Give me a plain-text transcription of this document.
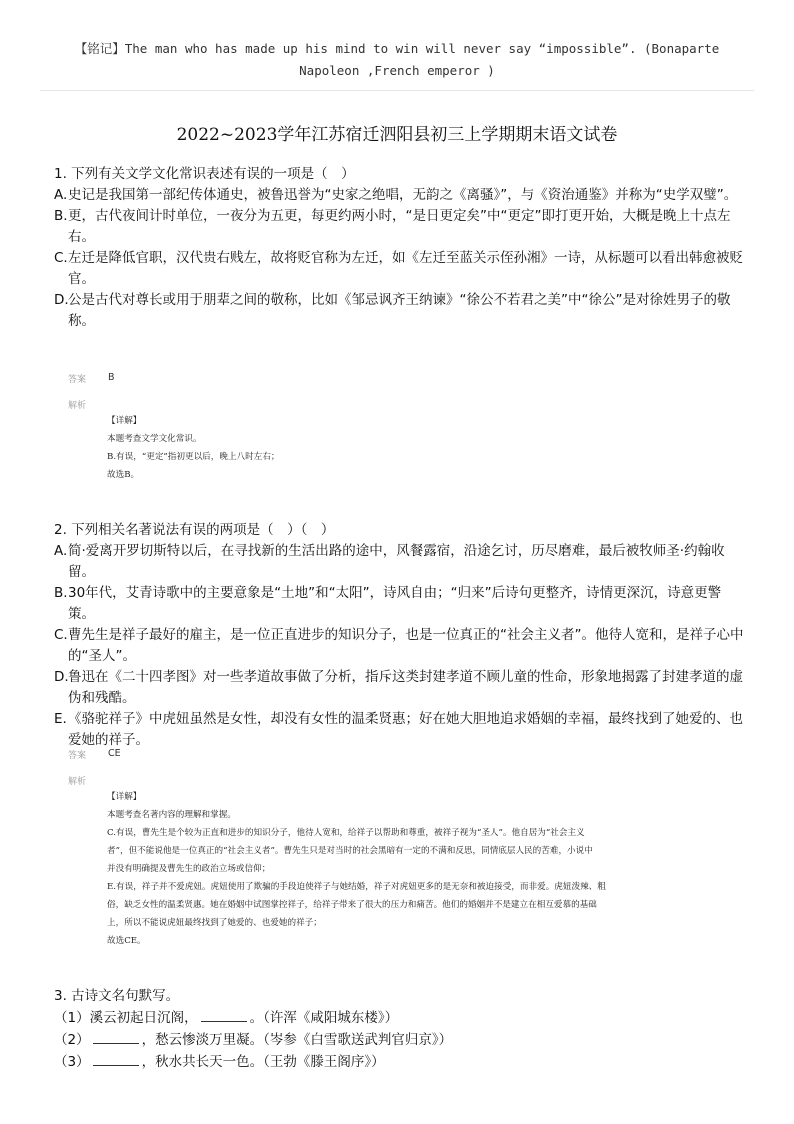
【铭记】The man who has made up his mind to win will never say “impossible”. (Bonaparte
Napoleon ,French emperor )
2022~2023学年江苏宿迁泗阳县初三上学期期末语文试卷

1. 下列有关文学文化常识表述有误的一项是（　）

A. 史记是我国第一部纪传体通史，被鲁迅誉为“史家之绝唱，无韵之《离骚》”，与《资治通鉴》并称为“史学双璧”。
B. 更，古代夜间计时单位，一夜分为五更，每更约两小时，“是日更定矣”中“更定”即打更开始，大概是晚上十点左右。
C. 左迁是降低官职，汉代贵右贱左，故将贬官称为左迁，如《左迁至蓝关示侄孙湘》一诗，从标题可以看出韩愈被贬官。
D. 公是古代对尊长或用于朋辈之间的敬称，比如《邹忌讽齐王纳谏》“徐公不若君之美”中“徐公”是对徐姓男子的敬称。
答案 B
解析

【详解】

本题考查文学文化常识。

B.有误，“更定”指初更以后，晚上八时左右；

故选B。

2. 下列相关名著说法有误的两项是（　）（　）

A. 简·爱离开罗切斯特以后，在寻找新的生活出路的途中，风餐露宿，沿途乞讨，历尽磨难，最后被牧师圣·约翰收留。
B. 30年代，艾青诗歌中的主要意象是“土地”和“太阳”，诗风自由；“归来”后诗句更整齐，诗情更深沉，诗意更警策。
C. 曹先生是祥子最好的雇主，是一位正直进步的知识分子，也是一位真正的“社会主义者”。他待人宽和，是祥子心中的“圣人”。
D. 鲁迅在《二十四孝图》对一些孝道故事做了分析，指斥这类封建孝道不顾儿童的性命，形象地揭露了封建孝道的虚伪和残酷。
E. 《骆驼祥子》中虎妞虽然是女性，却没有女性的温柔贤惠；好在她大胆地追求婚姻的幸福，最终找到了她爱的、也爱她的祥子。
答案 CE
解析

【详解】

本题考查名著内容的理解和掌握。

C.有误，曹先生是个较为正直和进步的知识分子，他待人宽和，给祥子以帮助和尊重，被祥子视为“圣人”。他自居为“社会主义

者”，但不能说他是一位真正的“社会主义者”。曹先生只是对当时的社会黑暗有一定的不满和反思，同情底层人民的苦难，小说中

并没有明确提及曹先生的政治立场或信仰；

E.有误，祥子并不爱虎妞。虎妞使用了欺骗的手段迫使祥子与她结婚，祥子对虎妞更多的是无奈和被迫接受，而非爱。虎妞泼辣、粗

俗，缺乏女性的温柔贤惠。她在婚姻中试图掌控祥子，给祥子带来了很大的压力和痛苦。他们的婚姻并不是建立在相互爱慕的基础

上，所以不能说虎妞最终找到了她爱的、也爱她的祥子；

故选CE。

3. 古诗文名句默写。

（1）溪云初起日沉阁，	。（许浑《咸阳城东楼》）

（2）	，愁云惨淡万里凝。（岑参《白雪歌送武判官归京》）

（3）	，秋水共长天一色。（王勃《滕王阁序》）
